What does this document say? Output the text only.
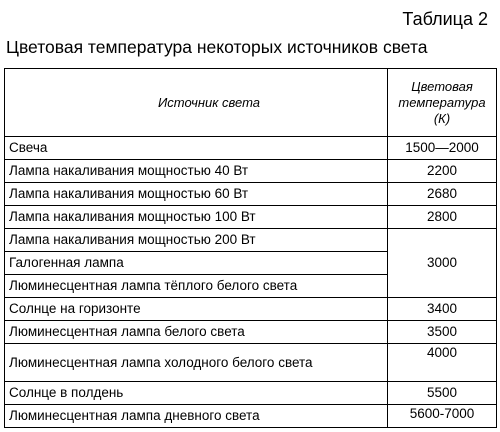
Таблица 2
Цветовая температура некоторых источников света
Источник света	Цветовая
температура
(К)

Свеча	1500—2000
Лампа накаливания мощностью 40 Вт	2200
Лампа накаливания мощностью 60 Вт	2680
Лампа накаливания мощностью 100 Вт	2800
Лампа накаливания мощностью 200 Вт	3000
Галогенная лампа	
Люминесцентная лампа тёплого белого света	
Солнце на горизонте	3400
Люминесцентная лампа белого света	3500
Люминесцентная лампа холодного белого света	4000
Солнце в полдень	5500
Люминесцентная лампа дневного света	5600-7000
